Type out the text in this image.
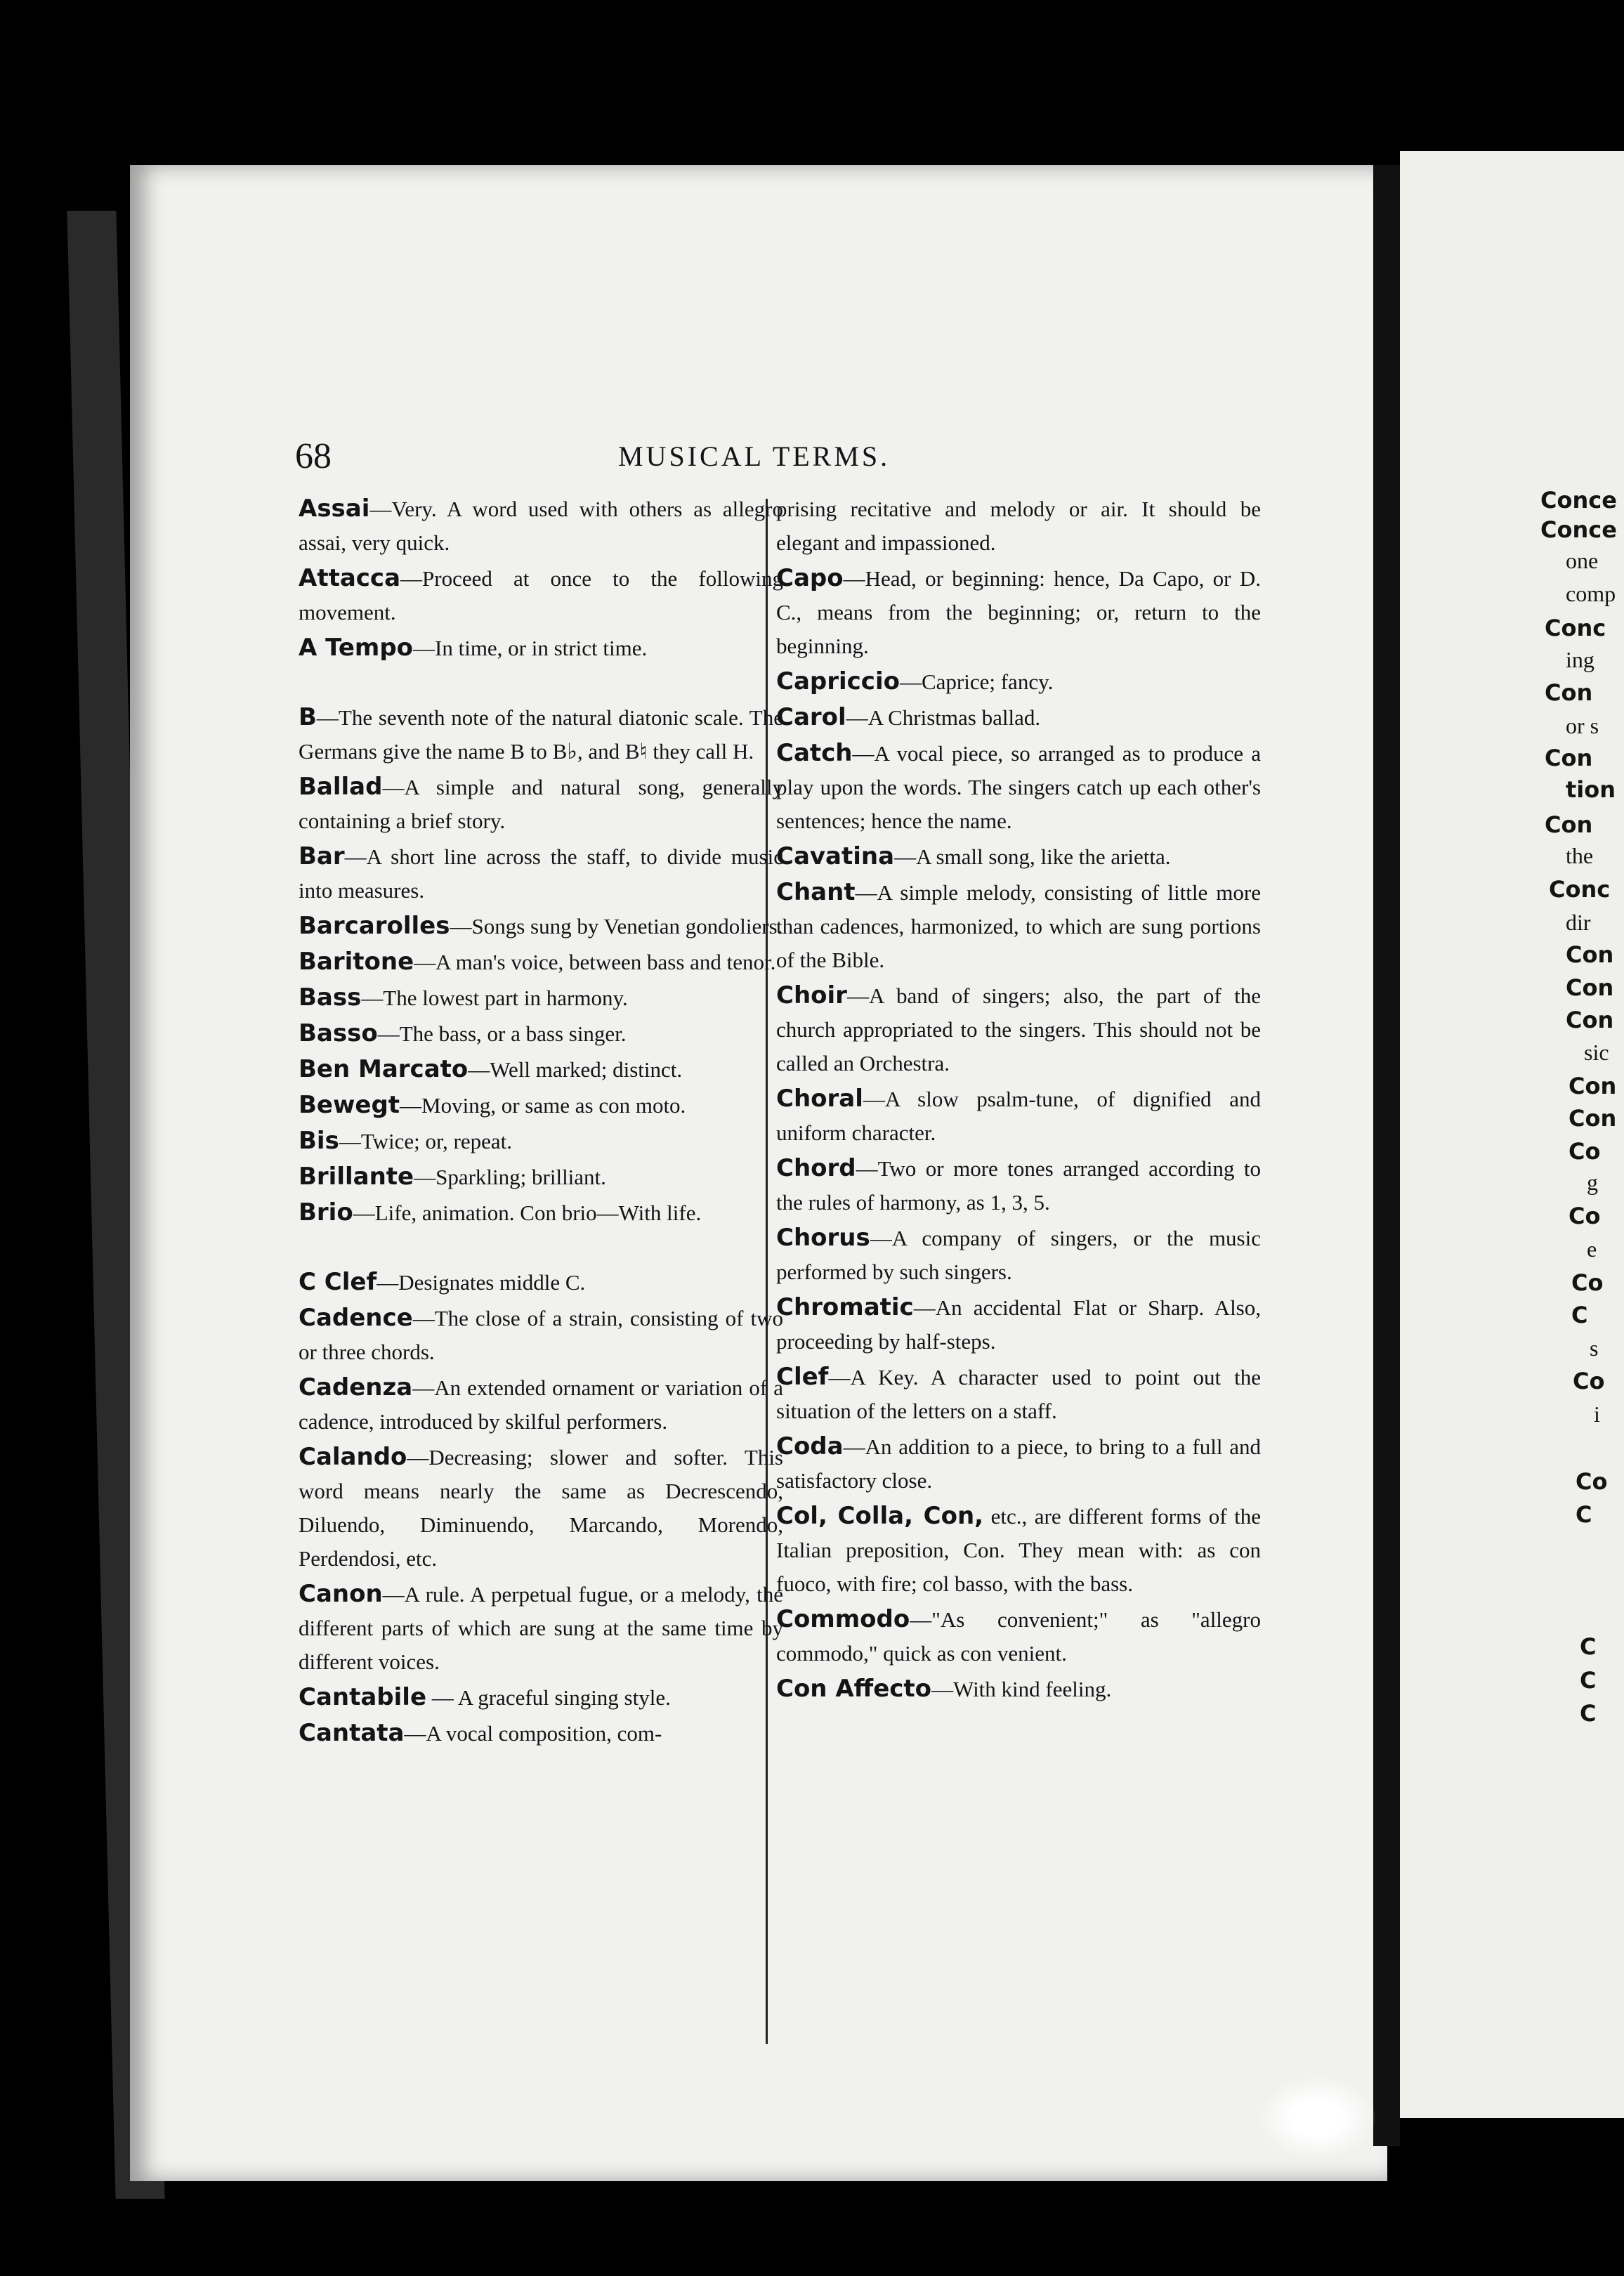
Conce
Conce
one
comp
Conc
ing
Con
or s
Con
tion
Con
the
Conc
dir
Con
Con
Con
sic
Con
Con
Co
g
Co
e
Co
C
s
Co
i
Co
C
C
C
C
68	MUSICAL TERMS.

Assai—Very. A word used with others as allegro assai, very quick.

Attacca—Proceed at once to the following movement.

A Tempo—In time, or in strict time.

B—The seventh note of the natural diatonic scale. The Germans give the name B to B♭, and B♮ they call H.

Ballad—A simple and natural song, generally containing a brief story.

Bar—A short line across the staff, to divide music into measures.

Barcarolles—Songs sung by Venetian gondoliers.

Baritone—A man's voice, between bass and tenor.

Bass—The lowest part in harmony.

Basso—The bass, or a bass singer.

Ben Marcato—Well marked; distinct.

Bewegt—Moving, or same as con moto.

Bis—Twice; or, repeat.

Brillante—Sparkling; brilliant.

Brio—Life, animation. Con brio—With life.

C Clef—Designates middle C.

Cadence—The close of a strain, consisting of two or three chords.

Cadenza—An extended ornament or variation of a cadence, introduced by skilful performers.

Calando—Decreasing; slower and softer. This word means nearly the same as Decrescendo, Diluendo, Diminuendo, Marcando, Morendo, Perdendosi, etc.

Canon—A rule. A perpetual fugue, or a melody, the different parts of which are sung at the same time by different voices.

Cantabile — A graceful singing style.

Cantata—A vocal composition, com-

prising recitative and melody or air. It should be elegant and impassioned.

Capo—Head, or beginning: hence, Da Capo, or D. C., means from the beginning; or, return to the beginning.

Capriccio—Caprice; fancy.

Carol—A Christmas ballad.

Catch—A vocal piece, so arranged as to produce a play upon the words. The singers catch up each other's sentences; hence the name.

Cavatina—A small song, like the arietta.

Chant—A simple melody, consisting of little more than cadences, harmonized, to which are sung portions of the Bible.

Choir—A band of singers; also, the part of the church appropriated to the singers. This should not be called an Orchestra.

Choral—A slow psalm-tune, of dignified and uniform character.

Chord—Two or more tones arranged according to the rules of harmony, as 1, 3, 5.

Chorus—A company of singers, or the music performed by such singers.

Chromatic—An accidental Flat or Sharp. Also, proceeding by half-steps.

Clef—A Key. A character used to point out the situation of the letters on a staff.

Coda—An addition to a piece, to bring to a full and satisfactory close.

Col, Colla, Con, etc., are different forms of the Italian preposition, Con. They mean with: as con fuoco, with fire; col basso, with the bass.

Commodo—"As convenient;" as "allegro commodo," quick as con venient.

Con Affecto—With kind feeling.
